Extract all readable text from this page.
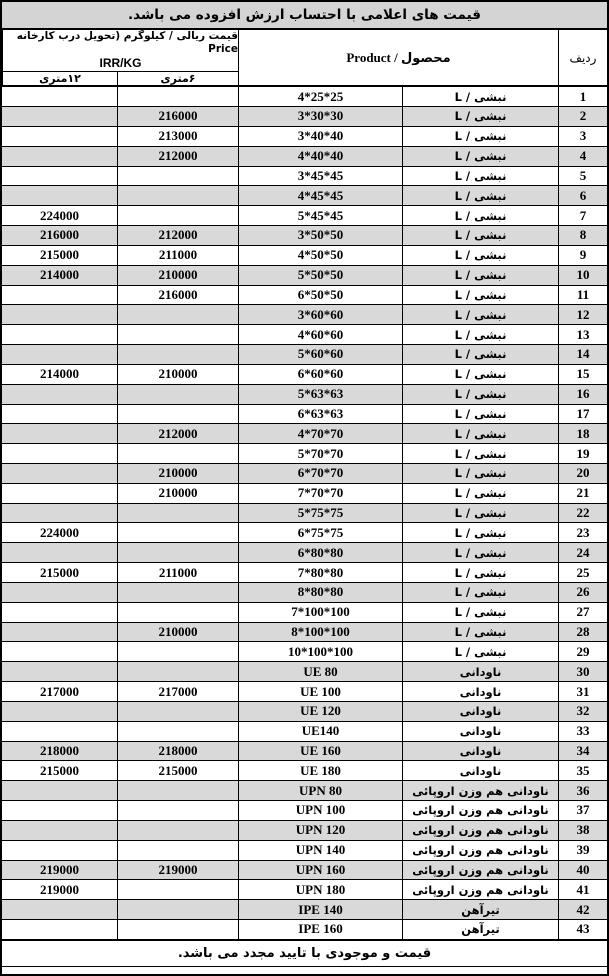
قیمت های اعلامی با احتساب ارزش افزوده می باشد.
ردیف
محصول / Product
قیمت ریالی / کیلوگرم (تحویل درب کارخانه Price
IRR/KG
۶متری
۱۲متری
1
نبشی / L
25*25*4
2
نبشی / L
30*30*3
216000
3
نبشی / L
40*40*3
213000
4
نبشی / L
40*40*4
212000
5
نبشی / L
45*45*3
6
نبشی / L
45*45*4
7
نبشی / L
45*45*5
224000
8
نبشی / L
50*50*3
212000
216000
9
نبشی / L
50*50*4
211000
215000
10
نبشی / L
50*50*5
210000
214000
11
نبشی / L
50*50*6
216000
12
نبشی / L
60*60*3
13
نبشی / L
60*60*4
14
نبشی / L
60*60*5
15
نبشی / L
60*60*6
210000
214000
16
نبشی / L
63*63*5
17
نبشی / L
63*63*6
18
نبشی / L
70*70*4
212000
19
نبشی / L
70*70*5
20
نبشی / L
70*70*6
210000
21
نبشی / L
70*70*7
210000
22
نبشی / L
75*75*5
23
نبشی / L
75*75*6
224000
24
نبشی / L
80*80*6
25
نبشی / L
80*80*7
211000
215000
26
نبشی / L
80*80*8
27
نبشی / L
100*100*7
28
نبشی / L
100*100*8
210000
29
نبشی / L
100*100*10
30
ناودانی
UE 80
31
ناودانی
UE 100
217000
217000
32
ناودانی
UE 120
33
ناودانی
UE140
34
ناودانی
UE 160
218000
218000
35
ناودانی
UE 180
215000
215000
36
ناودانی هم وزن اروپائی
UPN 80
37
ناودانی هم وزن اروپائی
UPN 100
38
ناودانی هم وزن اروپائی
UPN 120
39
ناودانی هم وزن اروپائی
UPN 140
40
ناودانی هم وزن اروپائی
UPN 160
219000
219000
41
ناودانی هم وزن اروپائی
UPN 180
219000
42
تیرآهن
IPE 140
43
تیرآهن
IPE 160
قیمت و موجودی با تایید مجدد می باشد.
